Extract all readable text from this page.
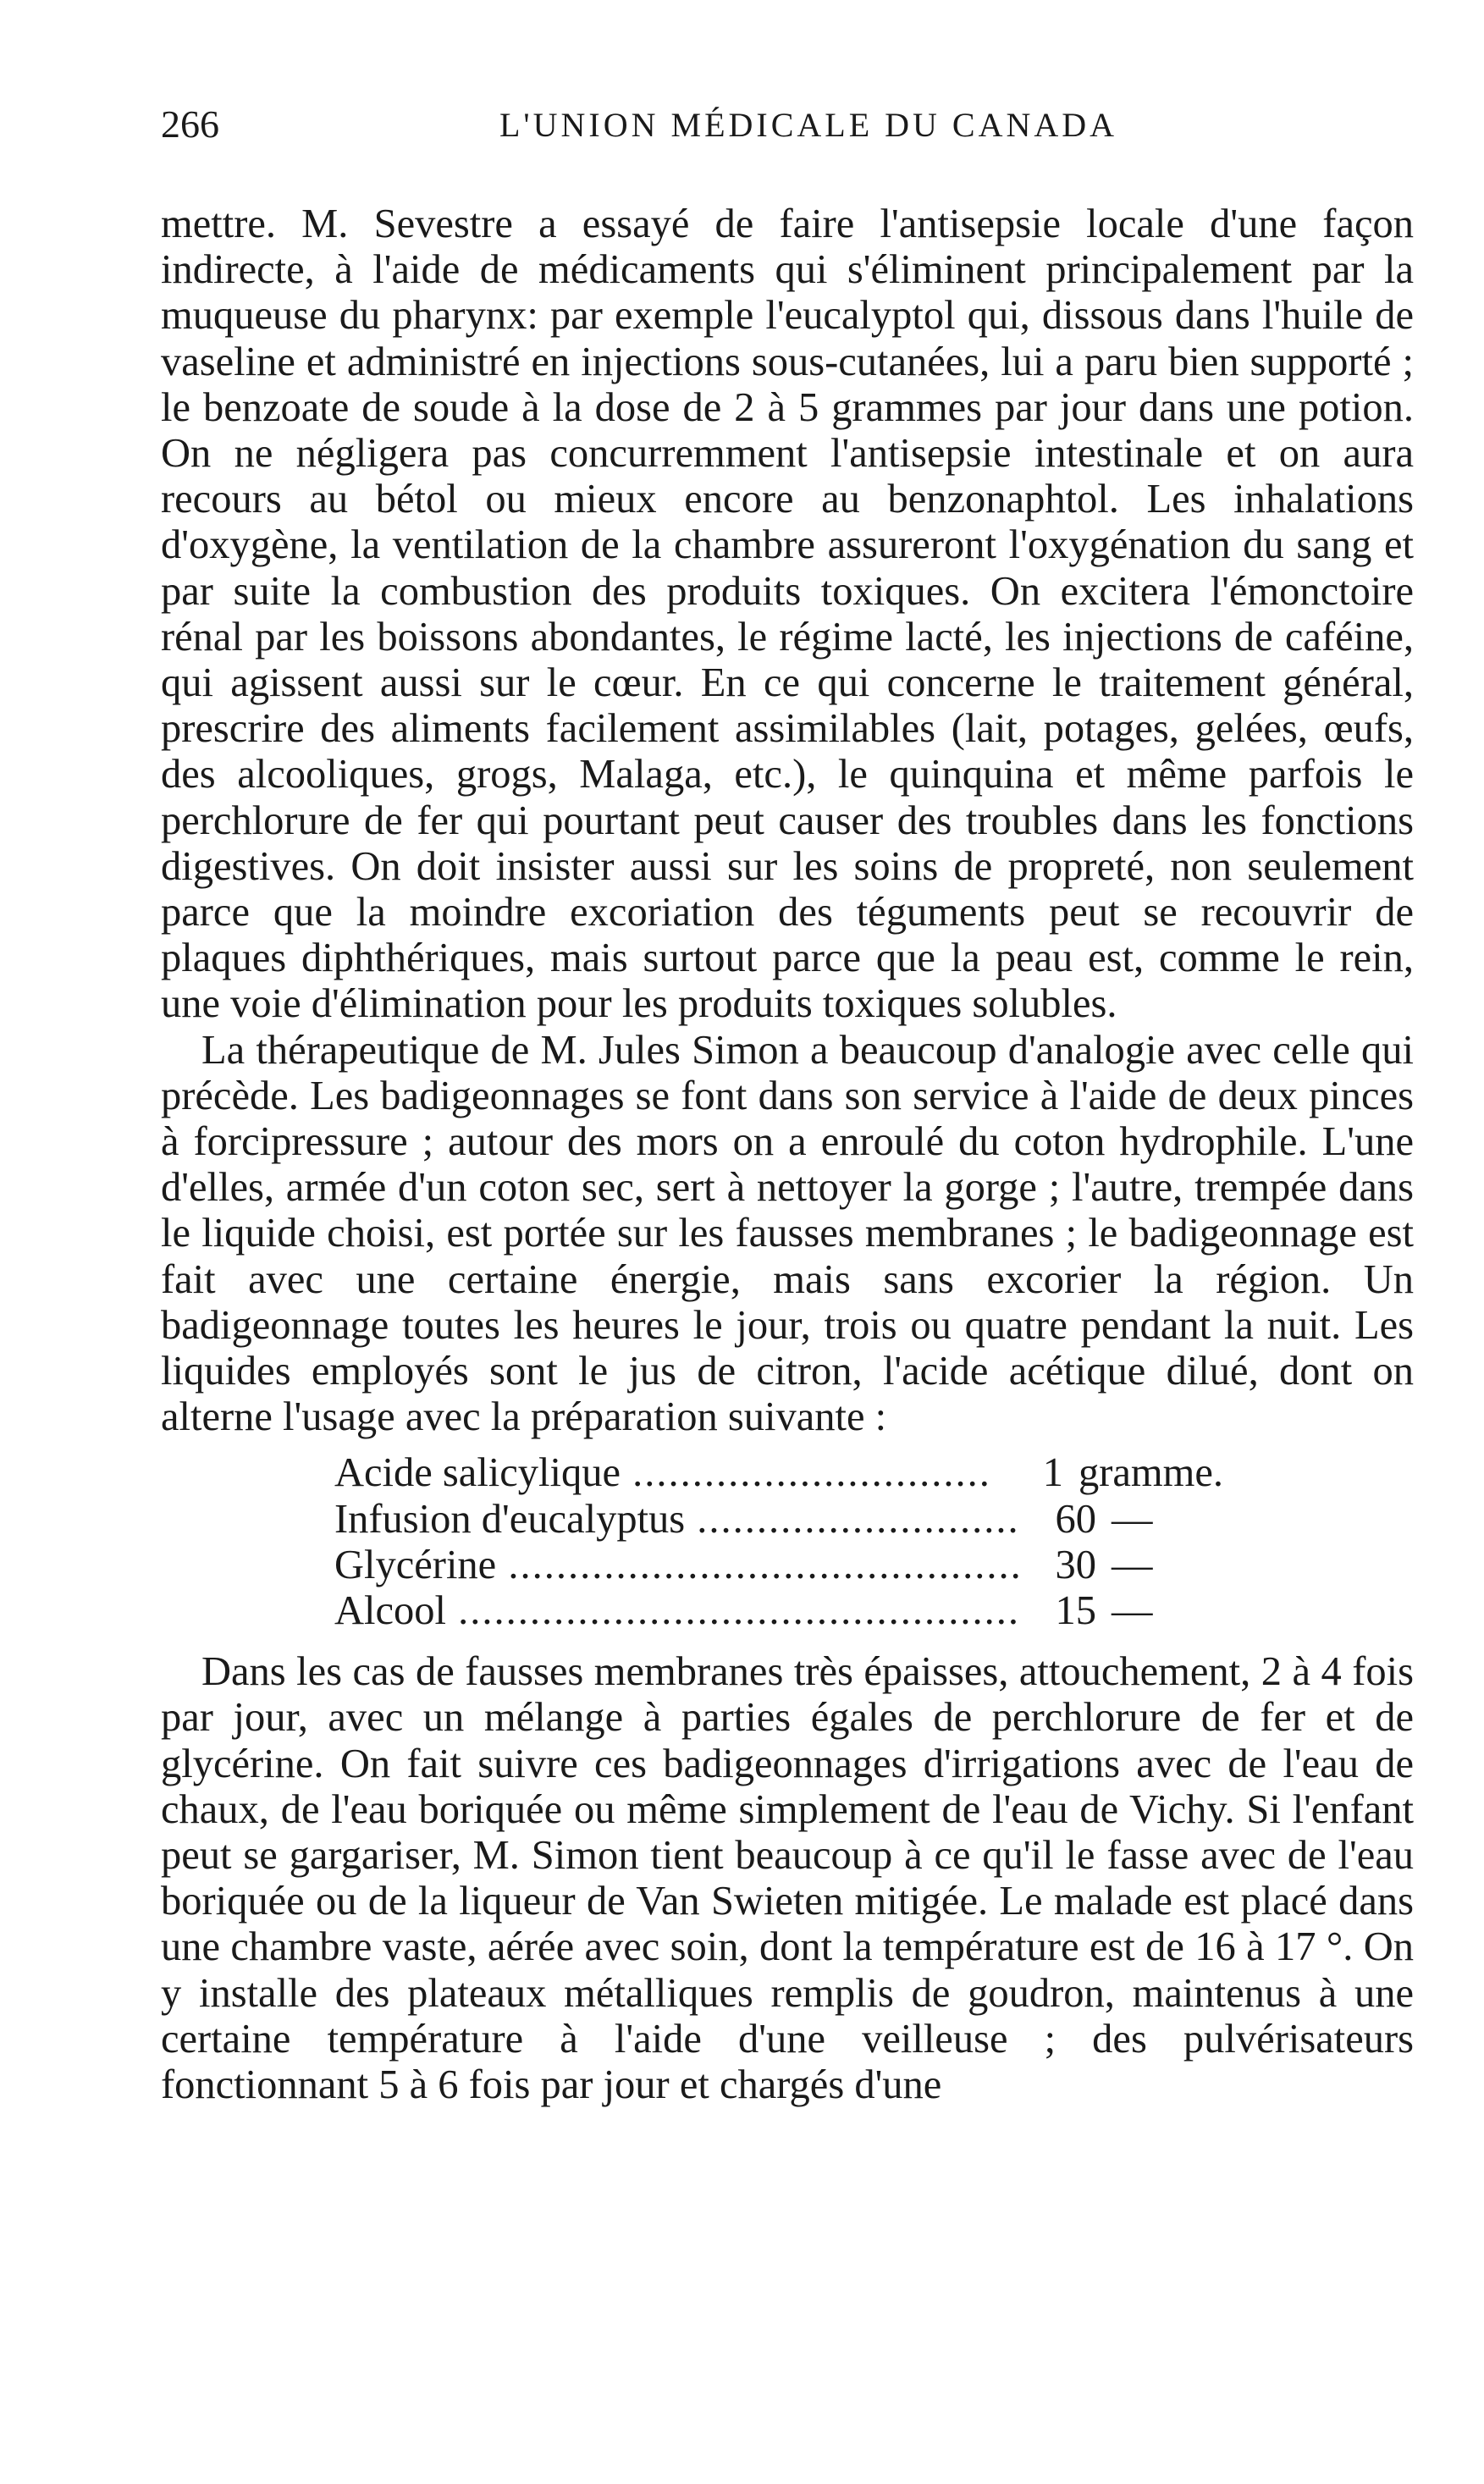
266	L'UNION MÉDICALE DU CANADA

mettre. M. Sevestre a essayé de faire l'antisepsie locale d'une façon indirecte, à l'aide de médicaments qui s'éliminent principalement par la muqueuse du pharynx: par exemple l'eucalyptol qui, dissous dans l'huile de vaseline et administré en injections sous-cutanées, lui a paru bien supporté ; le benzoate de soude à la dose de 2 à 5 grammes par jour dans une potion. On ne négligera pas concurremment l'antisepsie intestinale et on aura recours au bétol ou mieux encore au benzonaphtol. Les inhalations d'oxygène, la ventilation de la chambre assureront l'oxygénation du sang et par suite la combustion des produits toxiques. On excitera l'émonctoire rénal par les boissons abondantes, le régime lacté, les injections de caféine, qui agissent aussi sur le cœur. En ce qui concerne le traitement général, prescrire des aliments facilement assimilables (lait, potages, gelées, œufs, des alcooliques, grogs, Malaga, etc.), le quinquina et même parfois le perchlorure de fer qui pourtant peut causer des troubles dans les fonctions digestives. On doit insister aussi sur les soins de propreté, non seulement parce que la moindre excoriation des téguments peut se recouvrir de plaques diphthériques, mais surtout parce que la peau est, comme le rein, une voie d'élimination pour les produits toxiques solubles.

La thérapeutique de M. Jules Simon a beaucoup d'analogie avec celle qui précède. Les badigeonnages se font dans son service à l'aide de deux pinces à forcipressure ; autour des mors on a enroulé du coton hydrophile. L'une d'elles, armée d'un coton sec, sert à nettoyer la gorge ; l'autre, trempée dans le liquide choisi, est portée sur les fausses membranes ; le badigeonnage est fait avec une certaine énergie, mais sans excorier la région. Un badigeonnage toutes les heures le jour, trois ou quatre pendant la nuit. Les liquides employés sont le jus de citron, l'acide acétique dilué, dont on alterne l'usage avec la préparation suivante :

Acide salicylique .....	1 gramme.
Infusion d'eucalyptus .....	60 —
Glycérine .....	30 —
Alcool .....	15 —

Dans les cas de fausses membranes très épaisses, attouchement, 2 à 4 fois par jour, avec un mélange à parties égales de perchlorure de fer et de glycérine. On fait suivre ces badigeonnages d'irrigations avec de l'eau de chaux, de l'eau boriquée ou même simplement de l'eau de Vichy. Si l'enfant peut se gargariser, M. Simon tient beaucoup à ce qu'il le fasse avec de l'eau boriquée ou de la liqueur de Van Swieten mitigée. Le malade est placé dans une chambre vaste, aérée avec soin, dont la température est de 16 à 17 °. On y installe des plateaux métalliques remplis de goudron, maintenus à une certaine température à l'aide d'une veilleuse ; des pulvérisateurs fonctionnant 5 à 6 fois par jour et chargés d'une
